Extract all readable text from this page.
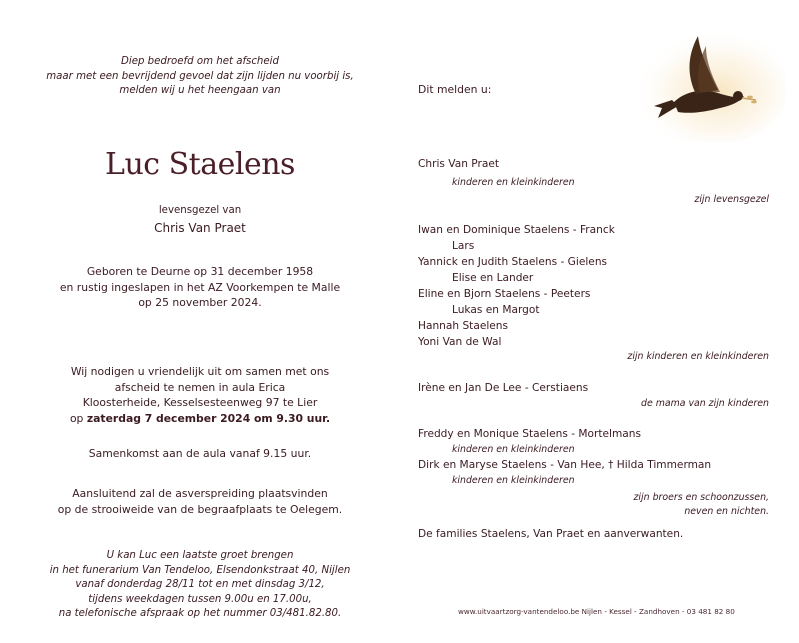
Diep bedroefd om het afscheid
maar met een bevrijdend gevoel dat zijn lijden nu voorbij is,
melden wij u het heengaan van
Luc Staelens
levensgezel van
Chris Van Praet
Geboren te Deurne op 31 december 1958
en rustig ingeslapen in het AZ Voorkempen te Malle
op 25 november 2024.
Wij nodigen u vriendelijk uit om samen met ons
afscheid te nemen in aula Erica
Kloosterheide, Kesselsesteenweg 97 te Lier
op zaterdag 7 december 2024 om 9.30 uur.
Samenkomst aan de aula vanaf 9.15 uur.
Aansluitend zal de asverspreiding plaatsvinden
op de strooiweide van de begraafplaats te Oelegem.
U kan Luc een laatste groet brengen
in het funerarium Van Tendeloo, Elsendonkstraat 40, Nijlen
vanaf donderdag 28/11 tot en met dinsdag 3/12,
tijdens weekdagen tussen 9.00u en 17.00u,
na telefonische afspraak op het nummer 03/481.82.80.
Dit melden u:
Chris Van Praet
kinderen en kleinkinderen
zijn levensgezel
Iwan en Dominique Staelens - Franck
Lars
Yannick en Judith Staelens - Gielens
Elise en Lander
Eline en Bjorn Staelens - Peeters
Lukas en Margot
Hannah Staelens
Yoni Van de Wal
zijn kinderen en kleinkinderen
Irène en Jan De Lee - Cerstiaens
de mama van zijn kinderen
Freddy en Monique Staelens - Mortelmans
kinderen en kleinkinderen
Dirk en Maryse Staelens - Van Hee, † Hilda Timmerman
kinderen en kleinkinderen
zijn broers en schoonzussen,
neven en nichten.
De families Staelens, Van Praet en aanverwanten.
www.uitvaartzorg-vantendeloo.be Nijlen - Kessel - Zandhoven - 03 481 82 80
